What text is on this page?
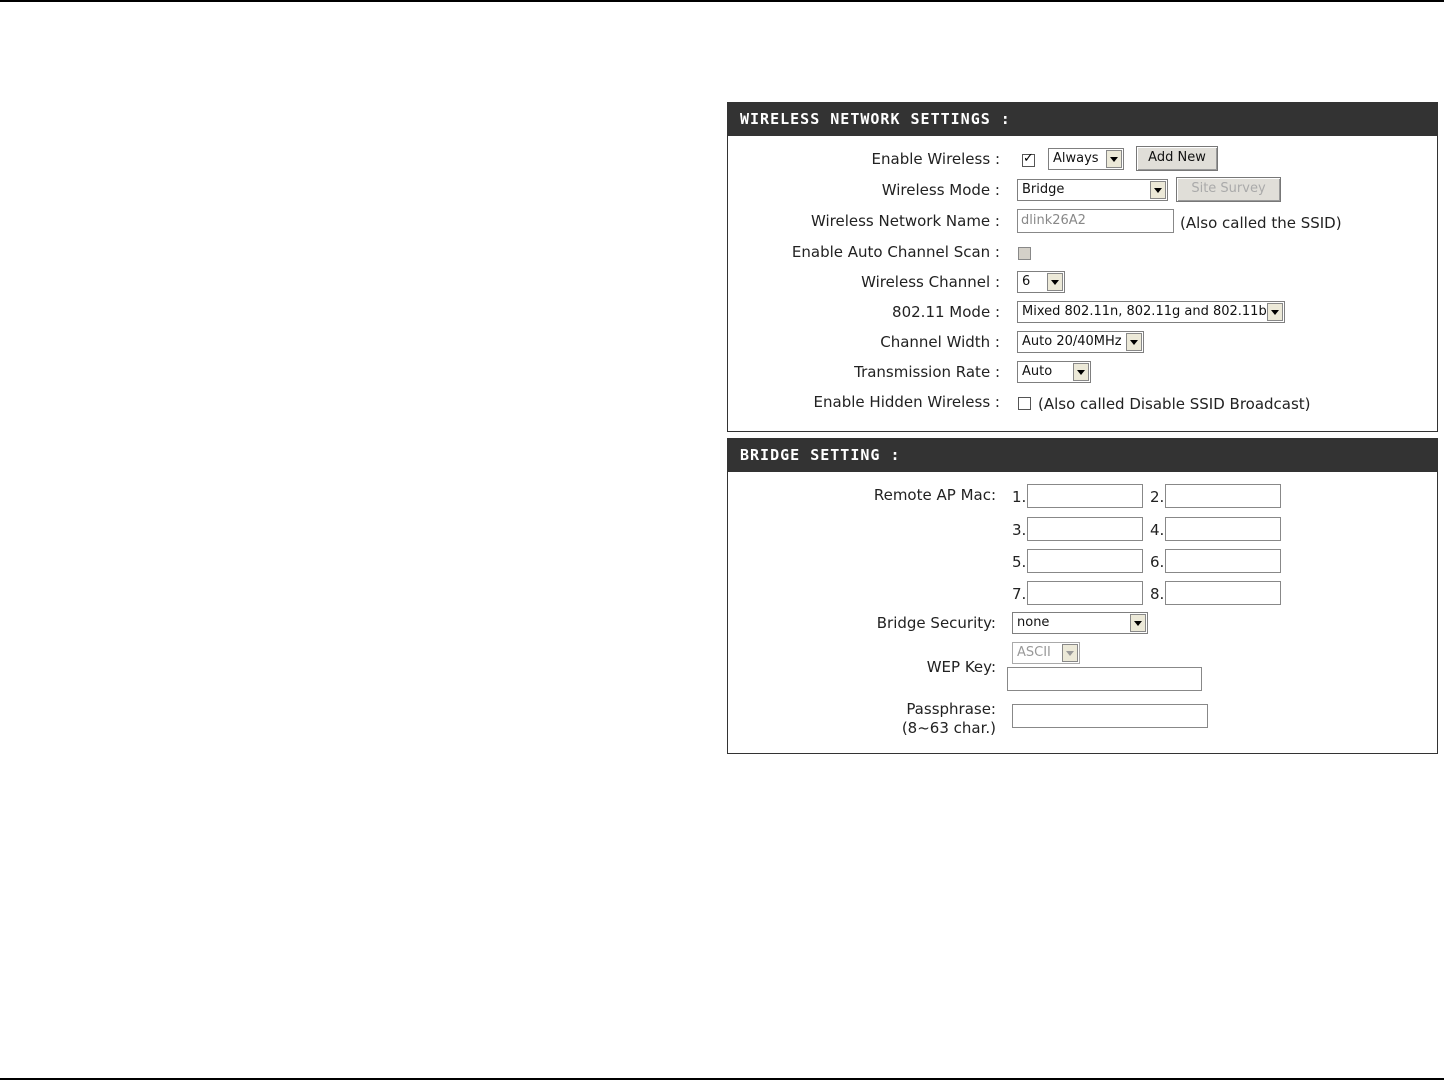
WIRELESS NETWORK SETTINGS :
Enable Wireless :
✓	Always	Add New
Wireless Mode :	Bridge	Site Survey
Wireless Network Name :	dlink26A2	(Also called the SSID)
Enable Auto Channel Scan :
Wireless Channel :	6
802.11 Mode :	Mixed 802.11n, 802.11g and 802.11b
Channel Width :	Auto 20/40MHz
Transmission Rate :	Auto
Enable Hidden Wireless :	(Also called Disable SSID Broadcast)
BRIDGE SETTING :
Remote AP Mac: 1.	2.
3.	4.
5.	6.
7.	8.
Bridge Security:	none
ASCII
WEP Key:
Passphrase:
(8~63 char.)
